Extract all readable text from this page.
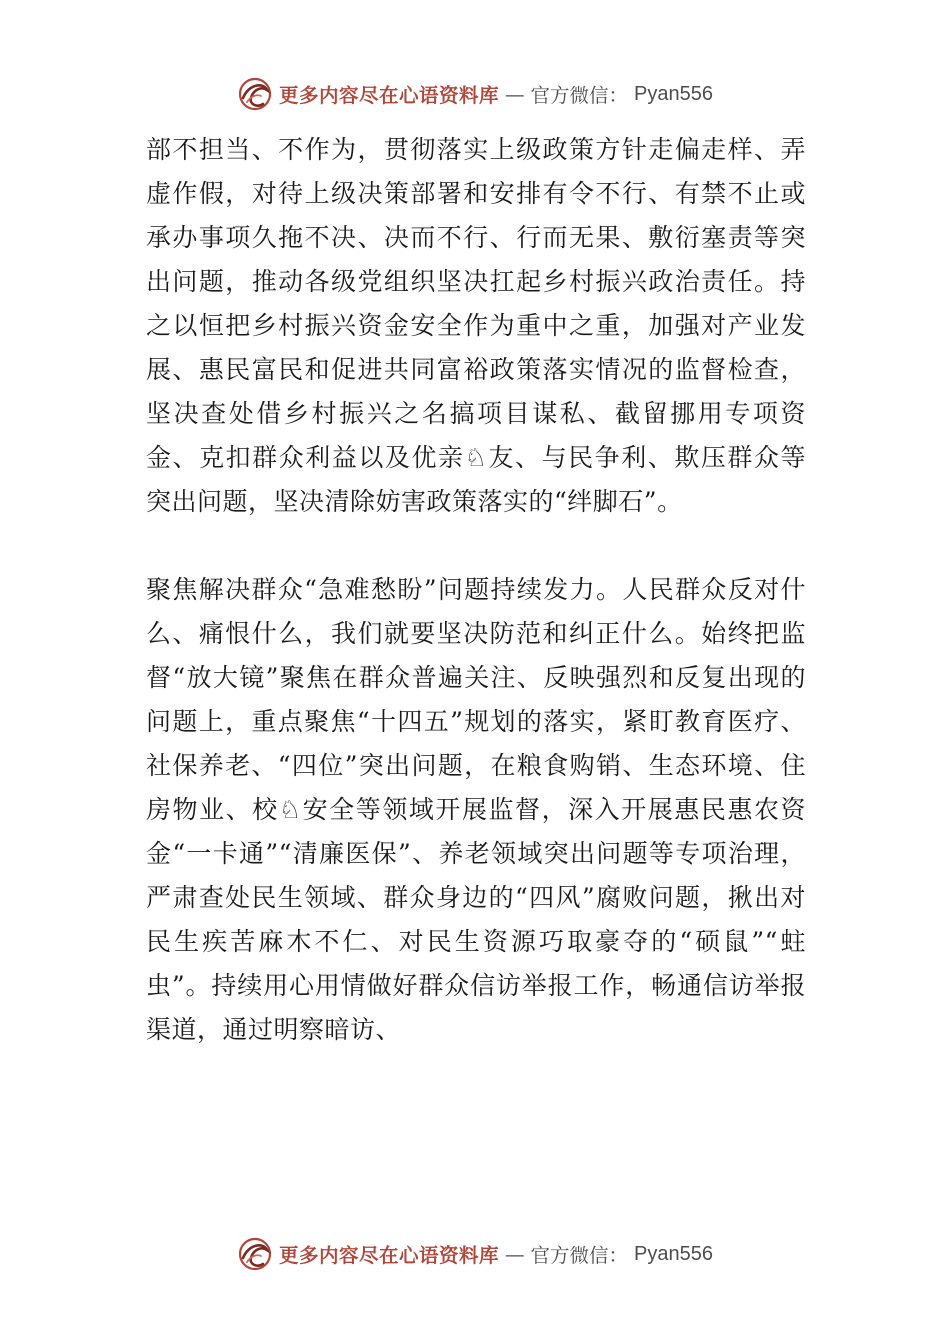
更多内容尽在心语资料库 — 官方微信： Pyan556

部不担当、不作为，贯彻落实上级政策方针走偏走样、弄虚作假，对待上级决策部署和安排有令不行、有禁不止或承办事项久拖不决、决而不行、行而无果、敷衍塞责等突出问题，推动各级党组织坚决扛起乡村振兴政治责任。持之以恒把乡村振兴资金安全作为重中之重，加强对产业发展、惠民富民和促进共同富裕政策落实情况的监督检查，坚决查处借乡村振兴之名搞项目谋私、截留挪用专项资金、克扣群众利益以及优亲♘友、与民争利、欺压群众等突出问题，坚决清除妨害政策落实的“绊脚石”。

聚焦解决群众“急难愁盼”问题持续发力。人民群众反对什么、痛恨什么，我们就要坚决防范和纠正什么。始终把监督“放大镜”聚焦在群众普遍关注、反映强烈和反复出现的问题上，重点聚焦“十四五”规划的落实，紧盯教育医疗、社保养老、“四位”突出问题，在粮食购销、生态环境、住房物业、校♘安全等领域开展监督，深入开展惠民惠农资金“一卡通”“清廉医保”、养老领域突出问题等专项治理，严肃查处民生领域、群众身边的“四风”腐败问题，揪出对民生疾苦麻木不仁、对民生资源巧取豪夺的“硕鼠”“蛀虫”。持续用心用情做好群众信访举报工作，畅通信访举报渠道，通过明察暗访、

更多内容尽在心语资料库 — 官方微信： Pyan556
